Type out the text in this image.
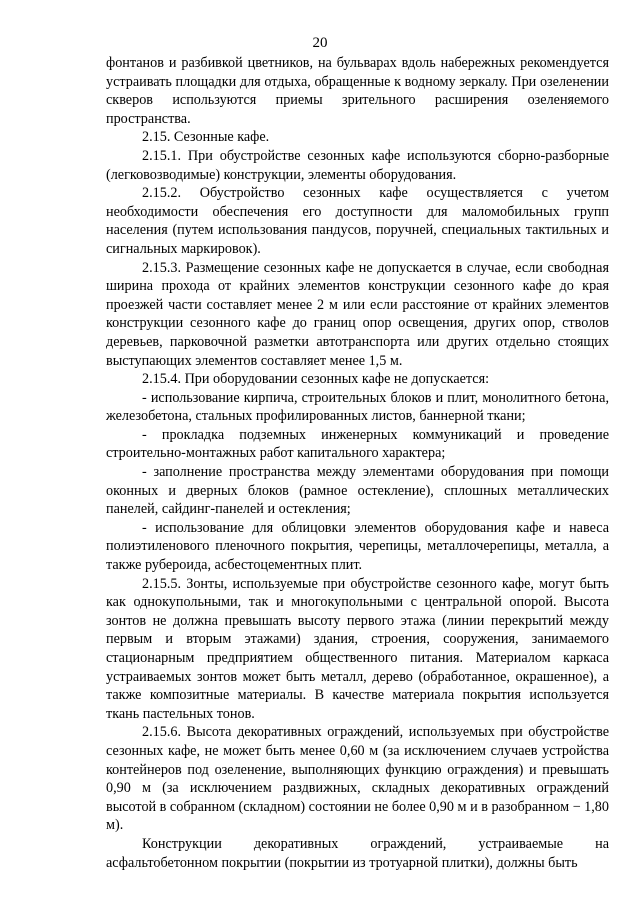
20

фонтанов и разбивкой цветников, на бульварах вдоль набережных рекомендуется устраивать площадки для отдыха, обращенные к водному зеркалу. При озеленении скверов используются приемы зрительного расширения озеленяемого пространства.

2.15. Сезонные кафе.

2.15.1. При обустройстве сезонных кафе используются сборно-разборные (легковозводимые) конструкции, элементы оборудования.

2.15.2. Обустройство сезонных кафе осуществляется с учетом необходимости обеспечения его доступности для маломобильных групп населения (путем использования пандусов, поручней, специальных тактильных и сигнальных маркировок).

2.15.3. Размещение сезонных кафе не допускается в случае, если свободная ширина прохода от крайних элементов конструкции сезонного кафе до края проезжей части составляет менее 2 м или если расстояние от крайних элементов конструкции сезонного кафе до границ опор освещения, других опор, стволов деревьев, парковочной разметки автотранспорта или других отдельно стоящих выступающих элементов составляет менее 1,5 м.

2.15.4. При оборудовании сезонных кафе не допускается:

- использование кирпича, строительных блоков и плит, монолитного бетона, железобетона, стальных профилированных листов, баннерной ткани;

- прокладка подземных инженерных коммуникаций и проведение строительно-монтажных работ капитального характера;

- заполнение пространства между элементами оборудования при помощи оконных и дверных блоков (рамное остекление), сплошных металлических панелей, сайдинг-панелей и остекления;

- использование для облицовки элементов оборудования кафе и навеса полиэтиленового пленочного покрытия, черепицы, металлочерепицы, металла, а также рубероида, асбестоцементных плит.

2.15.5. Зонты, используемые при обустройстве сезонного кафе, могут быть как однокупольными, так и многокупольными с центральной опорой. Высота зонтов не должна превышать высоту первого этажа (линии перекрытий между первым и вторым этажами) здания, строения, сооружения, занимаемого стационарным предприятием общественного питания. Материалом каркаса устраиваемых зонтов может быть металл, дерево (обработанное, окрашенное), а также композитные материалы. В качестве материала покрытия используется ткань пастельных тонов.

2.15.6. Высота декоративных ограждений, используемых при обустройстве сезонных кафе, не может быть менее 0,60 м (за исключением случаев устройства контейнеров под озеленение, выполняющих функцию ограждения) и превышать 0,90 м (за исключением раздвижных, складных декоративных ограждений высотой в собранном (складном) состоянии не более 0,90 м и в разобранном − 1,80 м).

Конструкции декоративных ограждений, устраиваемые на асфальтобетонном покрытии (покрытии из тротуарной плитки), должны быть
